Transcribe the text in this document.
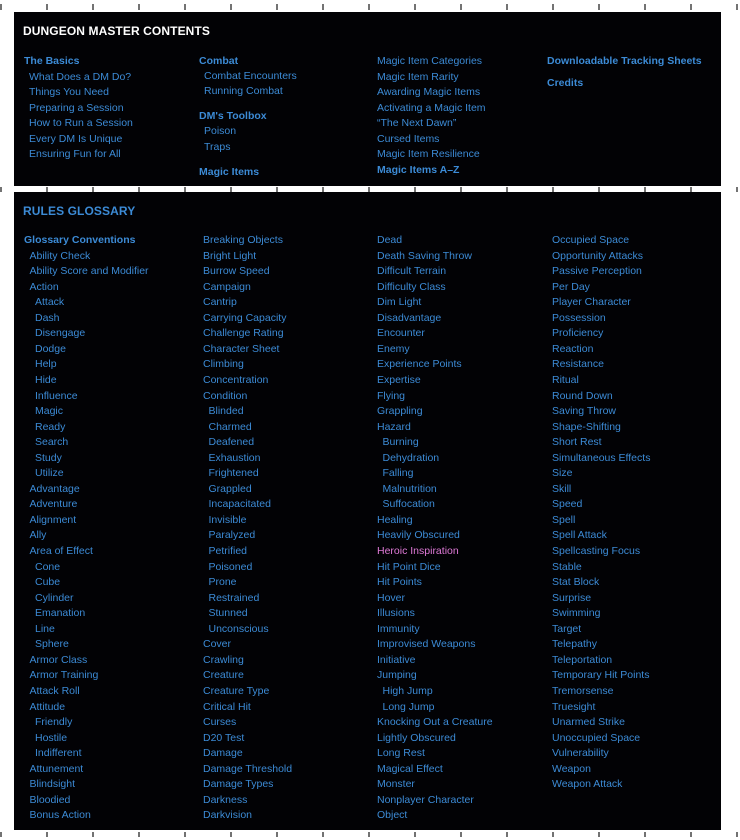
DUNGEON MASTER CONTENTS
The Basics
What Does a DM Do?
Things You Need
Preparing a Session
How to Run a Session
Every DM Is Unique
Ensuring Fun for All
Combat
Combat Encounters
Running Combat
DM's Toolbox
Poison
Traps
Magic Items
Magic Item Categories
Magic Item Rarity
Awarding Magic Items
Activating a Magic Item
“The Next Dawn”
Cursed Items
Magic Item Resilience
Magic Items A–Z
Downloadable Tracking Sheets
Credits
RULES GLOSSARY
Glossary Conventions
Ability Check
Ability Score and Modifier
Action
Attack
Dash
Disengage
Dodge
Help
Hide
Influence
Magic
Ready
Search
Study
Utilize
Advantage
Adventure
Alignment
Ally
Area of Effect
Cone
Cube
Cylinder
Emanation
Line
Sphere
Armor Class
Armor Training
Attack Roll
Attitude
Friendly
Hostile
Indifferent
Attunement
Blindsight
Bloodied
Bonus Action
Breaking Objects
Bright Light
Burrow Speed
Campaign
Cantrip
Carrying Capacity
Challenge Rating
Character Sheet
Climbing
Concentration
Condition
Blinded
Charmed
Deafened
Exhaustion
Frightened
Grappled
Incapacitated
Invisible
Paralyzed
Petrified
Poisoned
Prone
Restrained
Stunned
Unconscious
Cover
Crawling
Creature
Creature Type
Critical Hit
Curses
D20 Test
Damage
Damage Threshold
Damage Types
Darkness
Darkvision
Dead
Death Saving Throw
Difficult Terrain
Difficulty Class
Dim Light
Disadvantage
Encounter
Enemy
Experience Points
Expertise
Flying
Grappling
Hazard
Burning
Dehydration
Falling
Malnutrition
Suffocation
Healing
Heavily Obscured
Heroic Inspiration
Hit Point Dice
Hit Points
Hover
Illusions
Immunity
Improvised Weapons
Initiative
Jumping
High Jump
Long Jump
Knocking Out a Creature
Lightly Obscured
Long Rest
Magical Effect
Monster
Nonplayer Character
Object
Occupied Space
Opportunity Attacks
Passive Perception
Per Day
Player Character
Possession
Proficiency
Reaction
Resistance
Ritual
Round Down
Saving Throw
Shape-Shifting
Short Rest
Simultaneous Effects
Size
Skill
Speed
Spell
Spell Attack
Spellcasting Focus
Stable
Stat Block
Surprise
Swimming
Target
Telepathy
Teleportation
Temporary Hit Points
Tremorsense
Truesight
Unarmed Strike
Unoccupied Space
Vulnerability
Weapon
Weapon Attack
